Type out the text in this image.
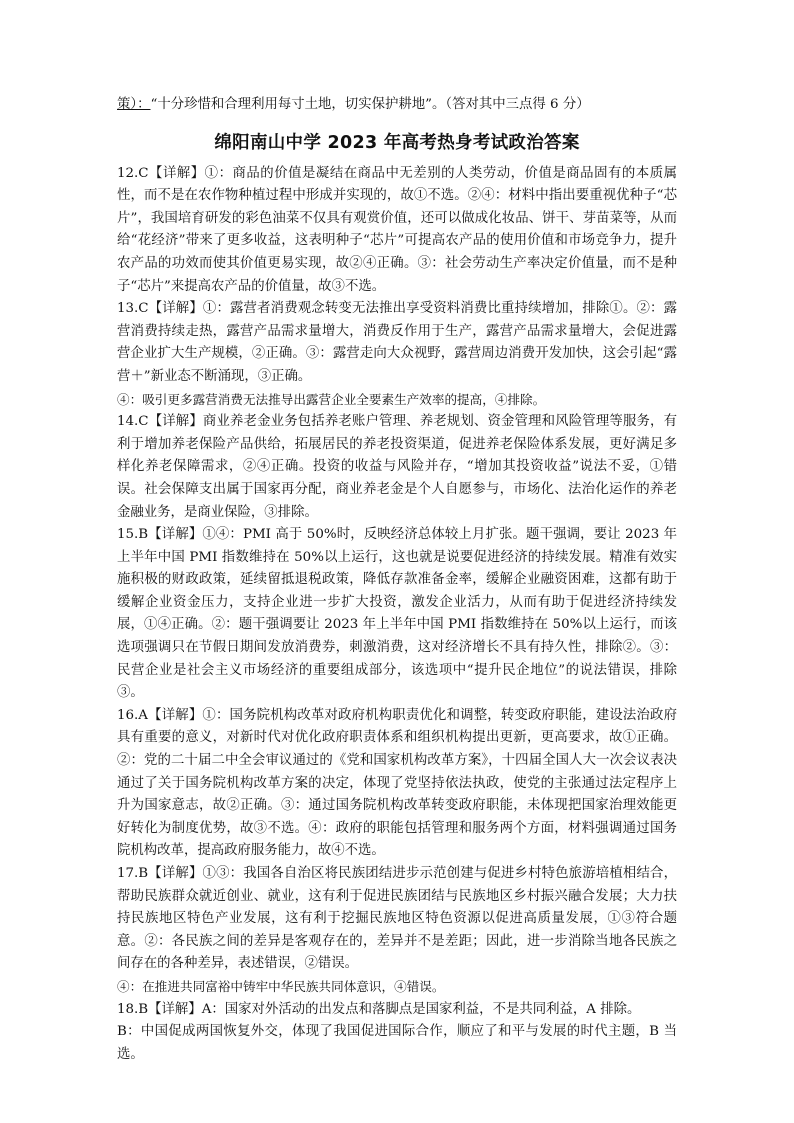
策）：“十分珍惜和合理利用每寸土地，切实保护耕地”。（答对其中三点得 6 分）

绵阳南山中学 2023 年高考热身考试政治答案

12.C【详解】①：商品的价值是凝结在商品中无差别的人类劳动，价值是商品固有的本质属性，而不是在农作物种植过程中形成并实现的，故①不选。②④：材料中指出要重视优种子“芯片”，我国培育研发的彩色油菜不仅具有观赏价值，还可以做成化妆品、饼干、芽苗菜等，从而给“花经济”带来了更多收益，这表明种子“芯片”可提高农产品的使用价值和市场竞争力，提升农产品的功效而使其价值更易实现，故②④正确。③：社会劳动生产率决定价值量，而不是种子“芯片”来提高农产品的价值量，故③不选。

13.C【详解】①：露营者消费观念转变无法推出享受资料消费比重持续增加，排除①。②：露营消费持续走热，露营产品需求量增大，消费反作用于生产，露营产品需求量增大，会促进露营企业扩大生产规模，②正确。③：露营走向大众视野，露营周边消费开发加快，这会引起“露营＋”新业态不断涌现，③正确。

④：吸引更多露营消费无法推导出露营企业全要素生产效率的提高，④排除。

14.C【详解】商业养老金业务包括养老账户管理、养老规划、资金管理和风险管理等服务，有利于增加养老保险产品供给，拓展居民的养老投资渠道，促进养老保险体系发展，更好满足多样化养老保障需求，②④正确。投资的收益与风险并存，“增加其投资收益”说法不妥，①错误。社会保障支出属于国家再分配，商业养老金是个人自愿参与，市场化、法治化运作的养老金融业务，是商业保险，③排除。

15.B【详解】①④：PMI 高于 50%时，反映经济总体较上月扩张。题干强调，要让 2023 年上半年中国 PMI 指数维持在 50%以上运行，这也就是说要促进经济的持续发展。精准有效实施积极的财政政策，延续留抵退税政策，降低存款准备金率，缓解企业融资困难，这都有助于缓解企业资金压力，支持企业进一步扩大投资，激发企业活力，从而有助于促进经济持续发展，①④正确。②：题干强调要让 2023 年上半年中国 PMI 指数维持在 50%以上运行，而该选项强调只在节假日期间发放消费券，刺激消费，这对经济增长不具有持久性，排除②。③：民营企业是社会主义市场经济的重要组成部分，该选项中“提升民企地位”的说法错误，排除③。

16.A【详解】①：国务院机构改革对政府机构职责优化和调整，转变政府职能，建设法治政府具有重要的意义，对新时代对优化政府职责体系和组织机构提出更新，更高要求，故①正确。②：党的二十届二中全会审议通过的《党和国家机构改革方案》，十四届全国人大一次会议表决通过了关于国务院机构改革方案的决定，体现了党坚持依法执政，使党的主张通过法定程序上升为国家意志，故②正确。③：通过国务院机构改革转变政府职能，未体现把国家治理效能更好转化为制度优势，故③不选。④：政府的职能包括管理和服务两个方面，材料强调通过国务院机构改革，提高政府服务能力，故④不选。

17.B【详解】①③：我国各自治区将民族团结进步示范创建与促进乡村特色旅游培植相结合，帮助民族群众就近创业、就业，这有利于促进民族团结与民族地区乡村振兴融合发展；大力扶持民族地区特色产业发展，这有利于挖掘民族地区特色资源以促进高质量发展，①③符合题意。②：各民族之间的差异是客观存在的，差异并不是差距；因此，进一步消除当地各民族之间存在的各种差异，表述错误，②错误。

④：在推进共同富裕中铸牢中华民族共同体意识，④错误。

18.B【详解】A：国家对外活动的出发点和落脚点是国家利益，不是共同利益，A 排除。

B：中国促成两国恢复外交，体现了我国促进国际合作，顺应了和平与发展的时代主题，B 当选。
